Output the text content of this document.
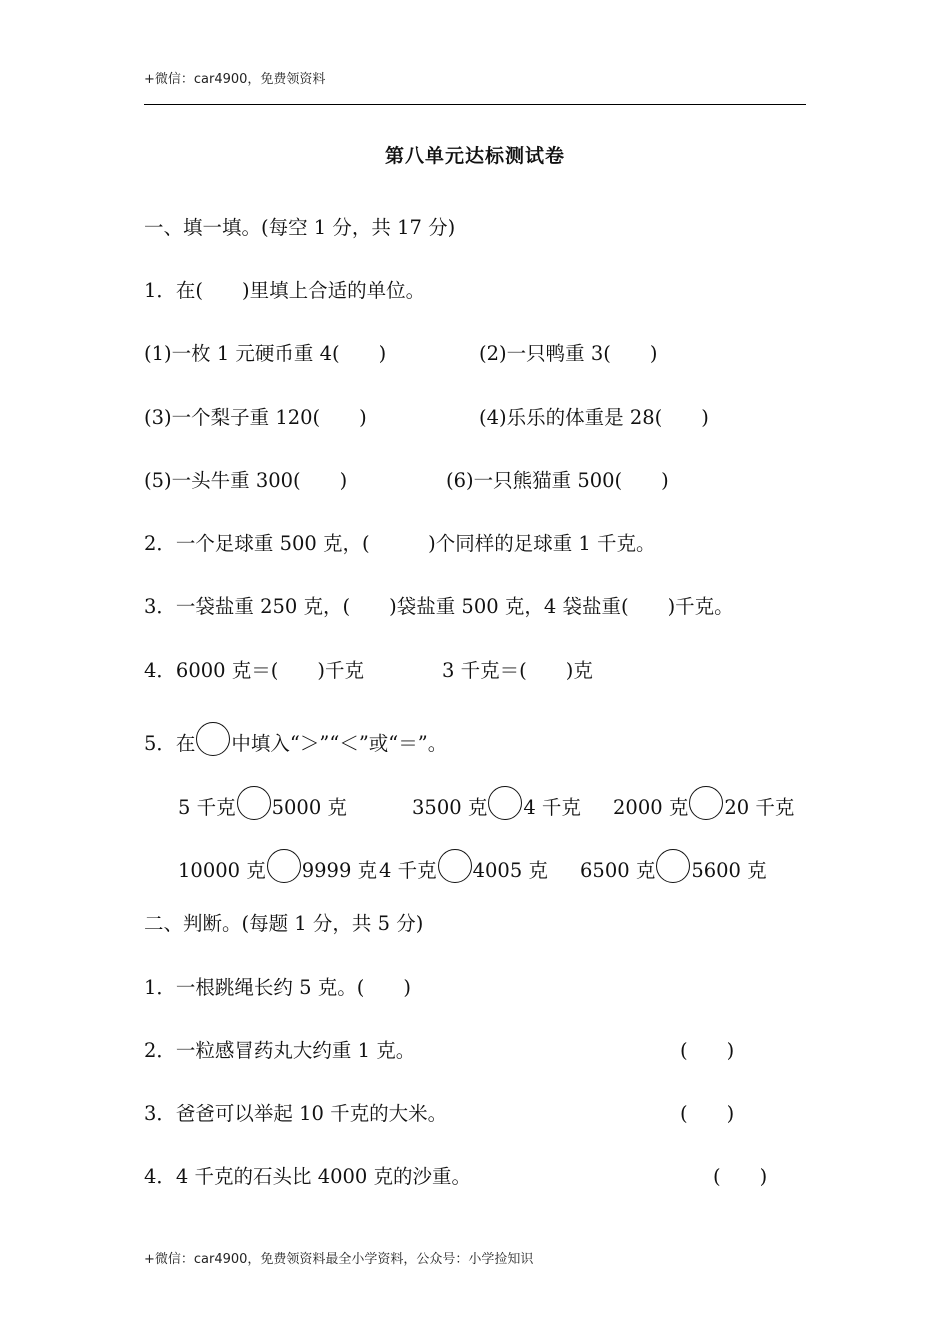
+微信：car4900，免费领资料
第八单元达标测试卷
一、填一填。(每空 1 分，共 17 分)
1．在(　　)里填上合适的单位。
(1)一枚 1 元硬币重 4(　　)	(2)一只鸭重 3(　　)
(3)一个梨子重 120(　　)	(4)乐乐的体重是 28(　　)
(5)一头牛重 300(　　)	(6)一只熊猫重 500(　　)
2．一个足球重 500 克，(　　　)个同样的足球重 1 千克。
3．一袋盐重 250 克，(　　)袋盐重 500 克，4 袋盐重(　　)千克。
4．6000 克＝(　　)千克	3 千克＝(　　)克
5．在 中填入“＞”“＜”或“＝”。
5 千克 5000 克	3500 克 4 千克 2000 克 20 千克
10000 克 9999 克 4 千克 4005 克 6500 克 5600 克
二、判断。(每题 1 分，共 5 分)
1．一根跳绳长约 5 克。(　　)
2．一粒感冒药丸大约重 1 克。	(　　)
3．爸爸可以举起 10 千克的大米。	(　　)
4．4 千克的石头比 4000 克的沙重。	(　　)
+微信：car4900，免费领资料最全小学资料，公众号：小学捡知识
